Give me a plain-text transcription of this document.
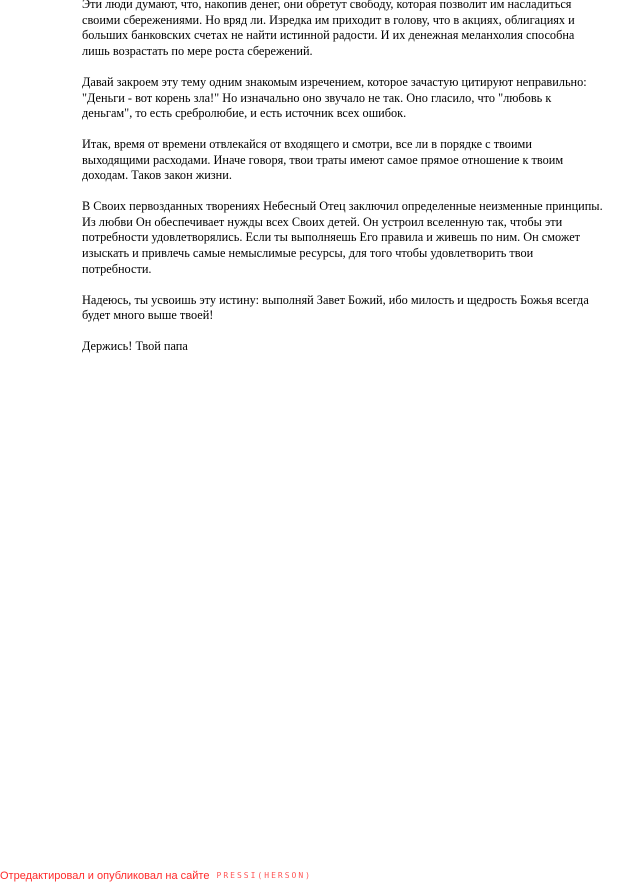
Эти люди думают, что, накопив денег, они обретут свободу, которая позволит им насладиться
своими сбережениями. Но вряд ли. Изредка им приходит в голову, что в акциях, облигациях и
больших банковских счетах не найти истинной радости. И их денежная меланхолия способна
лишь возрастать по мере роста сбережений.

Давай закроем эту тему одним знакомым изречением, которое зачастую цитируют неправильно:
"Деньги - вот корень зла!" Но изначально оно звучало не так. Оно гласило, что "любовь к
деньгам", то есть сребролюбие, и есть источник всех ошибок.

Итак, время от времени отвлекайся от входящего и смотри, все ли в порядке с твоими
выходящими расходами. Иначе говоря, твои траты имеют самое прямое отношение к твоим
доходам. Таков закон жизни.

В Своих первозданных творениях Небесный Отец заключил определенные неизменные принципы.
Из любви Он обеспечивает нужды всех Своих детей. Он устроил вселенную так, чтобы эти
потребности удовлетворялись. Если ты выполняешь Его правила и живешь по ним. Он сможет
изыскать и привлечь самые немыслимые ресурсы, для того чтобы удовлетворить твои
потребности.

Надеюсь, ты усвоишь эту истину: выполняй Завет Божий, ибо милость и щедрость Божья всегда
будет много выше твоей!

Держись! Твой папа

Отредактировал и опубликовал на сайте PRESSI(HERSON)
